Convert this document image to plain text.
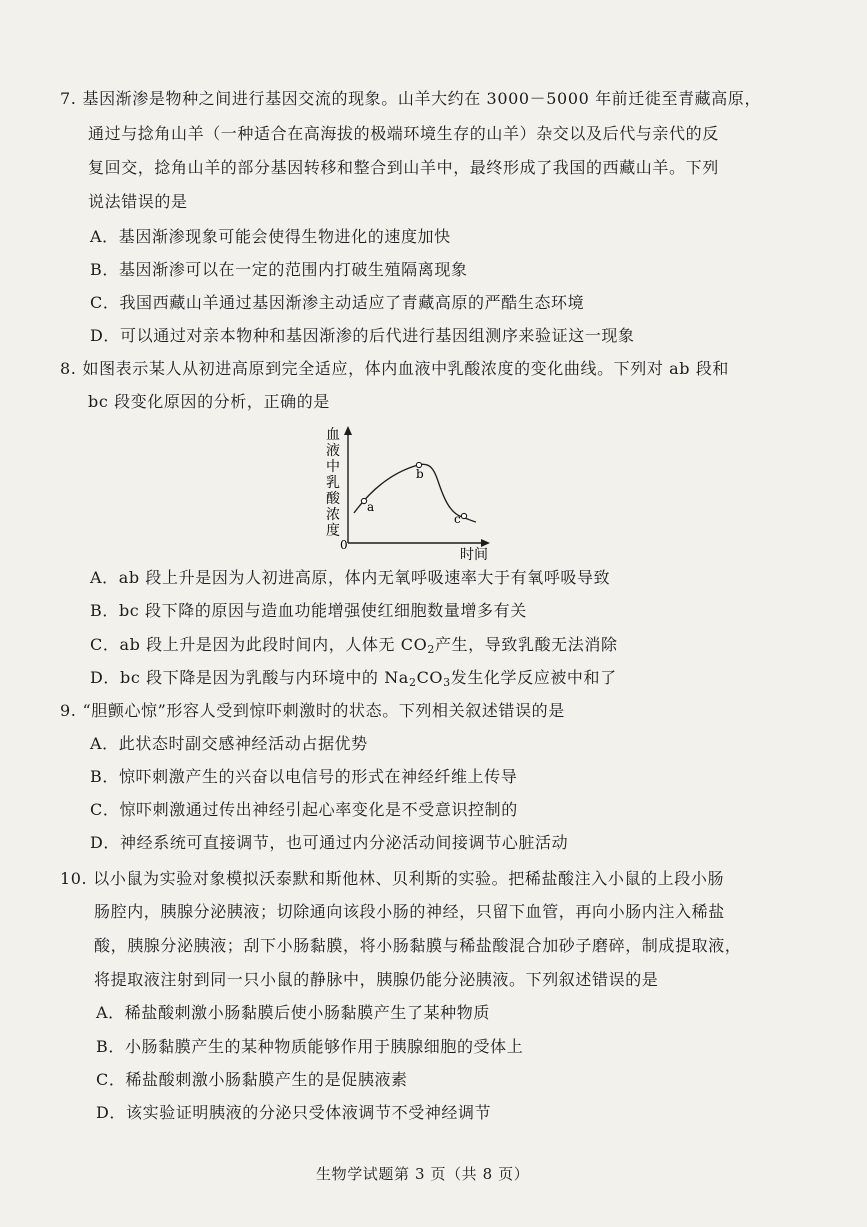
7. 基因渐渗是物种之间进行基因交流的现象。山羊大约在 3000－5000 年前迁徙至青藏高原，
通过与捻角山羊（一种适合在高海拔的极端环境生存的山羊）杂交以及后代与亲代的反
复回交，捻角山羊的部分基因转移和整合到山羊中，最终形成了我国的西藏山羊。下列
说法错误的是
A．基因渐渗现象可能会使得生物进化的速度加快
B．基因渐渗可以在一定的范围内打破生殖隔离现象
C．我国西藏山羊通过基因渐渗主动适应了青藏高原的严酷生态环境
D．可以通过对亲本物种和基因渐渗的后代进行基因组测序来验证这一现象
8. 如图表示某人从初进高原到完全适应，体内血液中乳酸浓度的变化曲线。下列对 ab 段和
bc 段变化原因的分析，正确的是
血
液
中
乳
酸
浓
度
0
时间
a
b
c
A．ab 段上升是因为人初进高原，体内无氧呼吸速率大于有氧呼吸导致
B．bc 段下降的原因与造血功能增强使红细胞数量增多有关
C．ab 段上升是因为此段时间内，人体无 $CO_2$产生，导致乳酸无法消除
D．bc 段下降是因为乳酸与内环境中的 $Na_2CO_3$发生化学反应被中和了
9. “胆颤心惊”形容人受到惊吓刺激时的状态。下列相关叙述错误的是
A．此状态时副交感神经活动占据优势
B．惊吓刺激产生的兴奋以电信号的形式在神经纤维上传导
C．惊吓刺激通过传出神经引起心率变化是不受意识控制的
D．神经系统可直接调节，也可通过内分泌活动间接调节心脏活动
10. 以小鼠为实验对象模拟沃泰默和斯他林、贝利斯的实验。把稀盐酸注入小鼠的上段小肠
肠腔内，胰腺分泌胰液；切除通向该段小肠的神经，只留下血管，再向小肠内注入稀盐
酸，胰腺分泌胰液；刮下小肠黏膜，将小肠黏膜与稀盐酸混合加砂子磨碎，制成提取液，
将提取液注射到同一只小鼠的静脉中，胰腺仍能分泌胰液。下列叙述错误的是
A．稀盐酸刺激小肠黏膜后使小肠黏膜产生了某种物质
B．小肠黏膜产生的某种物质能够作用于胰腺细胞的受体上
C．稀盐酸刺激小肠黏膜产生的是促胰液素
D．该实验证明胰液的分泌只受体液调节不受神经调节
生物学试题第 3 页（共 8 页）
